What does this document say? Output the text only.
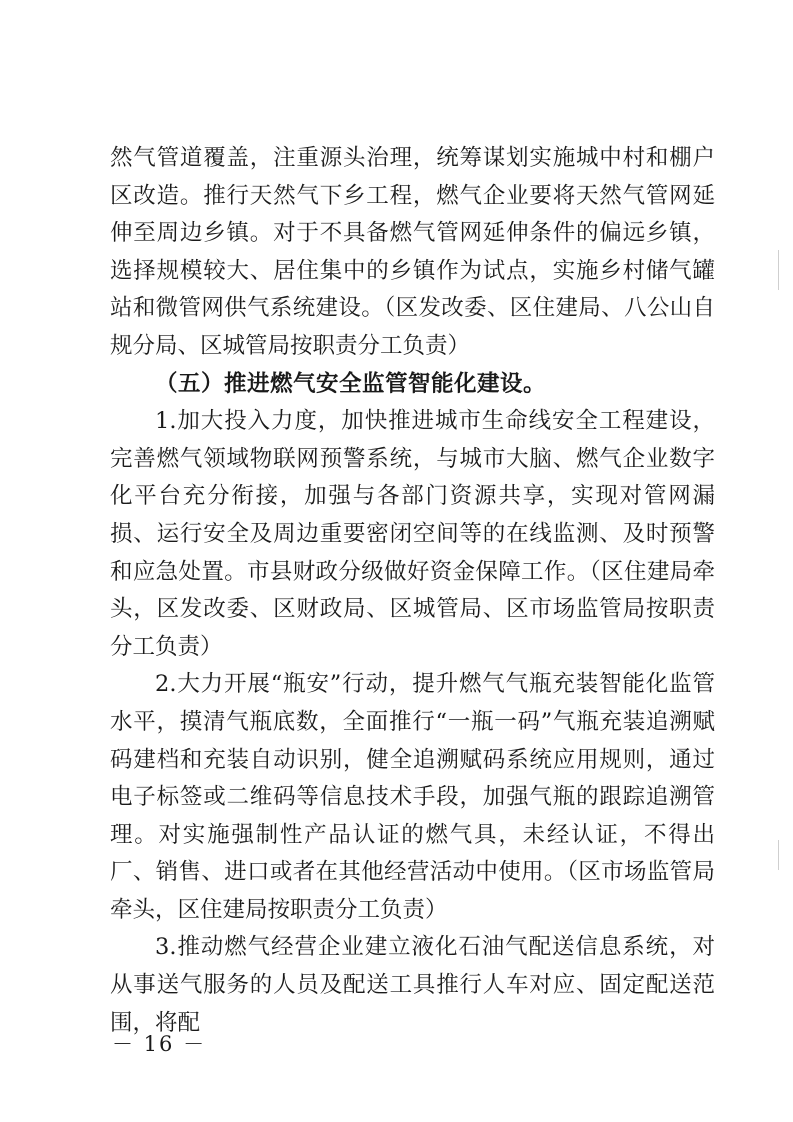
然气管道覆盖，注重源头治理，统筹谋划实施城中村和棚户区改造。推行天然气下乡工程，燃气企业要将天然气管网延伸至周边乡镇。对于不具备燃气管网延伸条件的偏远乡镇，选择规模较大、居住集中的乡镇作为试点，实施乡村储气罐站和微管网供气系统建设。（区发改委、区住建局、八公山自规分局、区城管局按职责分工负责）

（五）推进燃气安全监管智能化建设。

1.加大投入力度，加快推进城市生命线安全工程建设，完善燃气领域物联网预警系统，与城市大脑、燃气企业数字化平台充分衔接，加强与各部门资源共享，实现对管网漏损、运行安全及周边重要密闭空间等的在线监测、及时预警和应急处置。市县财政分级做好资金保障工作。（区住建局牵头，区发改委、区财政局、区城管局、区市场监管局按职责分工负责）

2.大力开展“瓶安”行动，提升燃气气瓶充装智能化监管水平，摸清气瓶底数，全面推行“一瓶一码”气瓶充装追溯赋码建档和充装自动识别，健全追溯赋码系统应用规则，通过电子标签或二维码等信息技术手段，加强气瓶的跟踪追溯管理。对实施强制性产品认证的燃气具，未经认证，不得出厂、销售、进口或者在其他经营活动中使用。（区市场监管局牵头，区住建局按职责分工负责）

3.推动燃气经营企业建立液化石油气配送信息系统，对从事送气服务的人员及配送工具推行人车对应、固定配送范围，将配

－ 16 －
